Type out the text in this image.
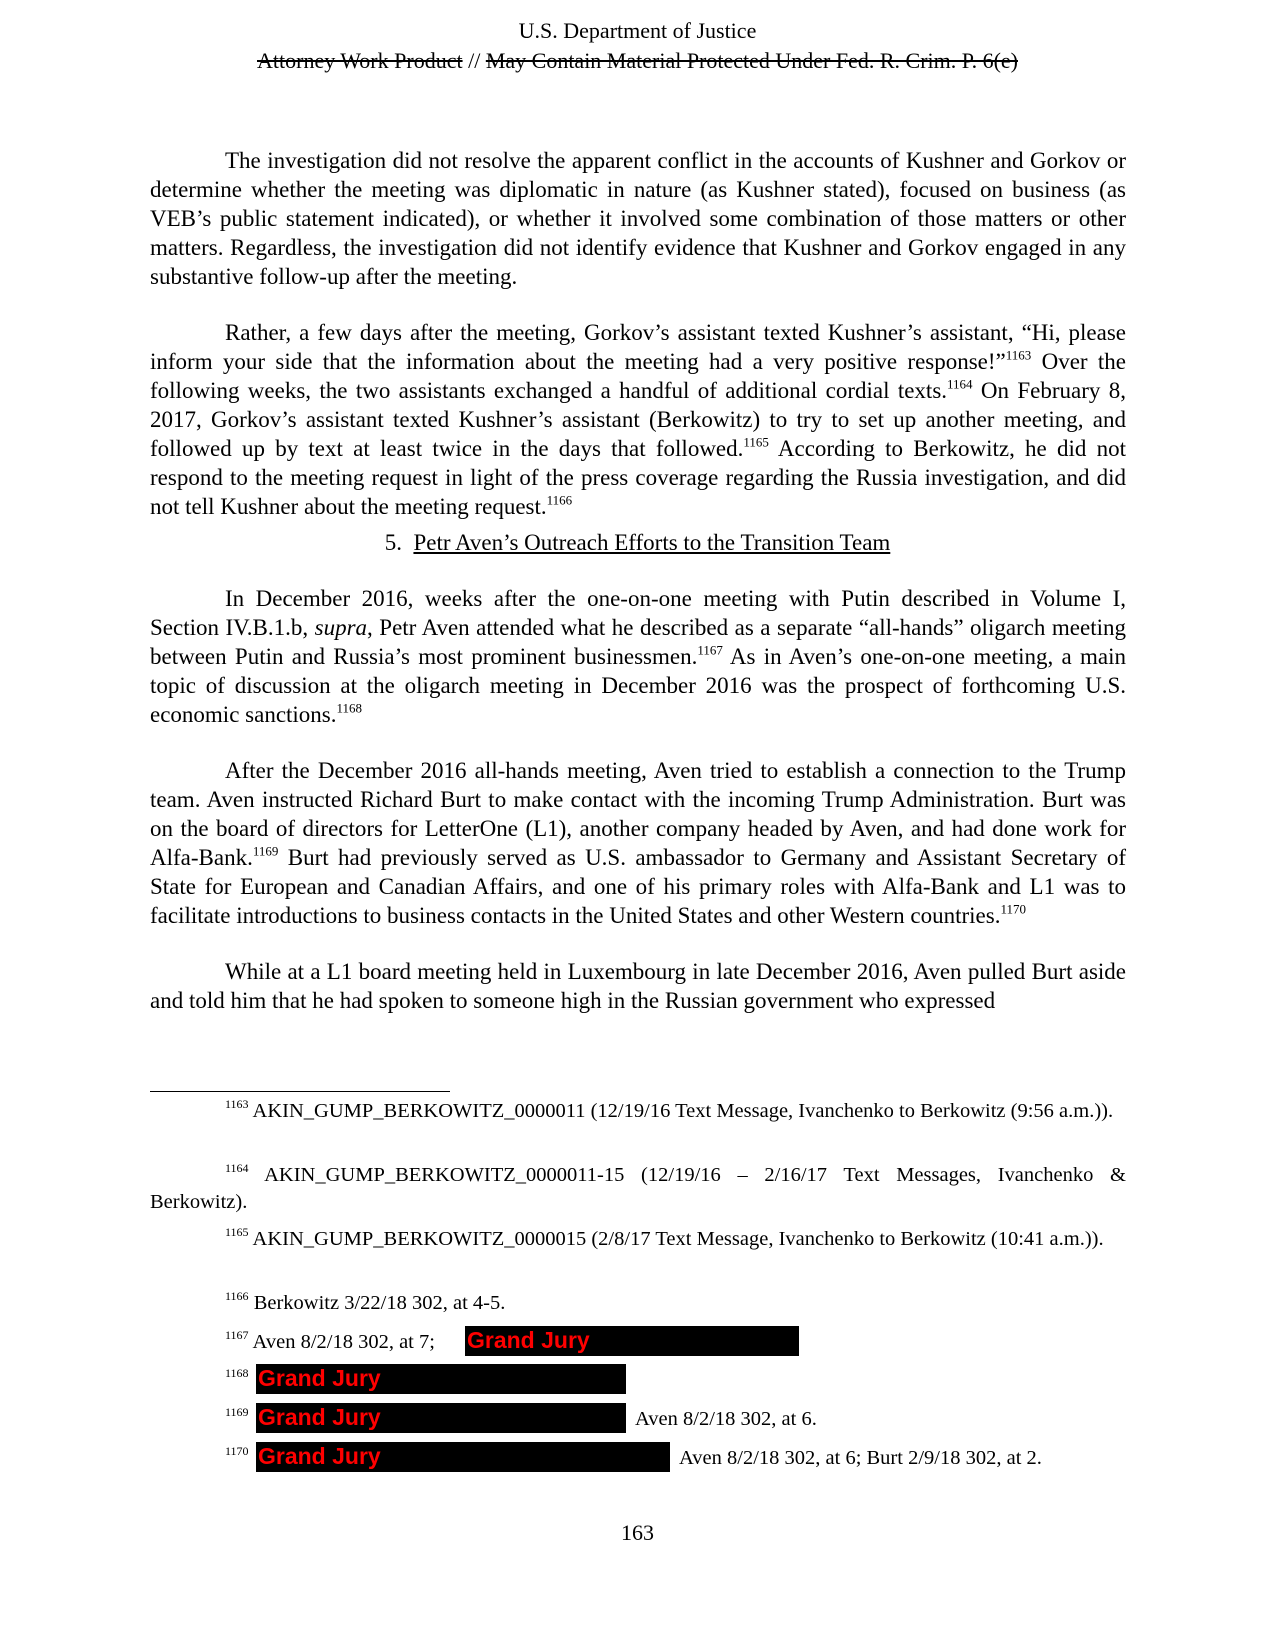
U.S. Department of Justice
Attorney Work Product // May Contain Material Protected Under Fed. R. Crim. P. 6(e)

The investigation did not resolve the apparent conflict in the accounts of Kushner and Gorkov or determine whether the meeting was diplomatic in nature (as Kushner stated), focused on business (as VEB’s public statement indicated), or whether it involved some combination of those matters or other matters. Regardless, the investigation did not identify evidence that Kushner and Gorkov engaged in any substantive follow-up after the meeting.

Rather, a few days after the meeting, Gorkov’s assistant texted Kushner’s assistant, “Hi, please inform your side that the information about the meeting had a very positive response!”$^{1163}$ Over the following weeks, the two assistants exchanged a handful of additional cordial texts.$^{1164}$ On February 8, 2017, Gorkov’s assistant texted Kushner’s assistant (Berkowitz) to try to set up another meeting, and followed up by text at least twice in the days that followed.$^{1165}$ According to Berkowitz, he did not respond to the meeting request in light of the press coverage regarding the Russia investigation, and did not tell Kushner about the meeting request.$^{1166}$

5. Petr Aven’s Outreach Efforts to the Transition Team

In December 2016, weeks after the one-on-one meeting with Putin described in Volume I, Section IV.B.1.b, supra, Petr Aven attended what he described as a separate “all-hands” oligarch meeting between Putin and Russia’s most prominent businessmen.$^{1167}$ As in Aven’s one-on-one meeting, a main topic of discussion at the oligarch meeting in December 2016 was the prospect of forthcoming U.S. economic sanctions.$^{1168}$

After the December 2016 all-hands meeting, Aven tried to establish a connection to the Trump team. Aven instructed Richard Burt to make contact with the incoming Trump Administration. Burt was on the board of directors for LetterOne (L1), another company headed by Aven, and had done work for Alfa-Bank.$^{1169}$ Burt had previously served as U.S. ambassador to Germany and Assistant Secretary of State for European and Canadian Affairs, and one of his primary roles with Alfa-Bank and L1 was to facilitate introductions to business contacts in the United States and other Western countries.$^{1170}$

While at a L1 board meeting held in Luxembourg in late December 2016, Aven pulled Burt aside and told him that he had spoken to someone high in the Russian government who expressed

$^{1163}$ AKIN_GUMP_BERKOWITZ_0000011 (12/19/16 Text Message, Ivanchenko to Berkowitz (9:56 a.m.)).
$^{1164}$ AKIN_GUMP_BERKOWITZ_0000011-15 (12/19/16 – 2/16/17 Text Messages, Ivanchenko & Berkowitz).
$^{1165}$ AKIN_GUMP_BERKOWITZ_0000015 (2/8/17 Text Message, Ivanchenko to Berkowitz (10:41 a.m.)).
$^{1166}$ Berkowitz 3/22/18 302, at 4-5.
$^{1167}$ Aven 8/2/18 302, at 7; Grand Jury
$^{1168}$ Grand Jury
$^{1169}$ Grand Jury	Aven 8/2/18 302, at 6.
$^{1170}$ Grand Jury	Aven 8/2/18 302, at 6; Burt 2/9/18 302, at 2.
163
